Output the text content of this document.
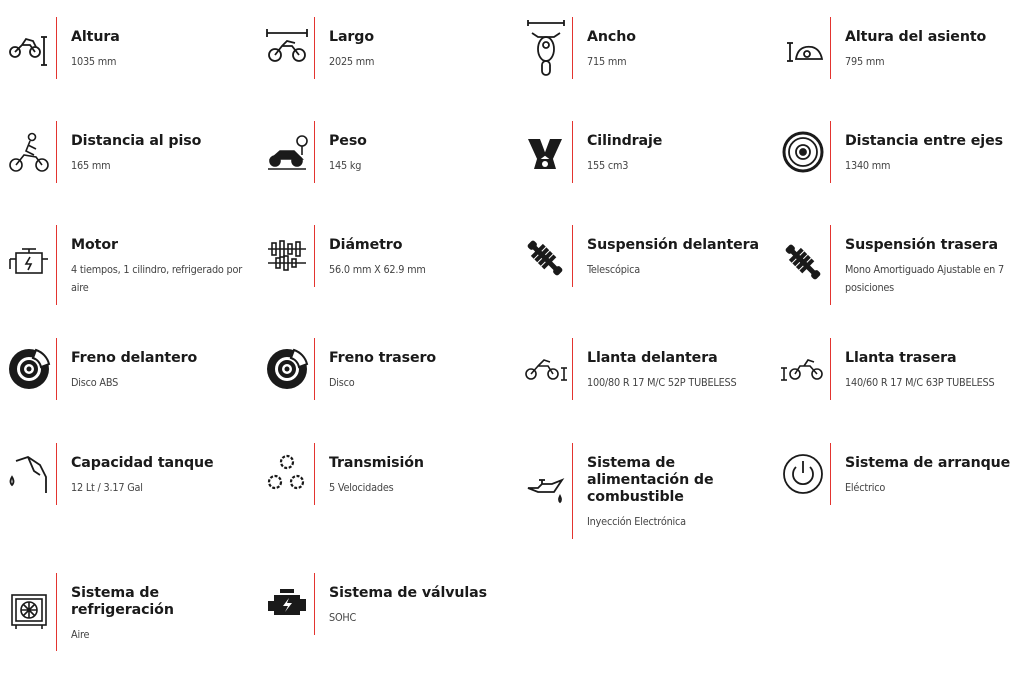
Altura
1035 mm
Largo
2025 mm
Ancho
715 mm
Altura del asiento
795 mm
Distancia al piso
165 mm
Peso
145 kg
Cilindraje
155 cm3
Distancia entre ejes
1340 mm
Motor
4 tiempos, 1 cilindro, refrigerado por aire
Diámetro
56.0 mm X 62.9 mm
Suspensión delantera
Telescópica
Suspensión trasera
Mono Amortiguado Ajustable en 7 posiciones
Freno delantero
Disco ABS
Freno trasero
Disco
Llanta delantera
100/80 R 17 M/C 52P TUBELESS
Llanta trasera
140/60 R 17 M/C 63P TUBELESS
Capacidad tanque
12 Lt / 3.17 Gal
Transmisión
5 Velocidades
Sistema de alimentación de combustible
Inyección Electrónica
Sistema de arranque
Eléctrico
Sistema de refrigeración
Aire
Sistema de válvulas
SOHC
